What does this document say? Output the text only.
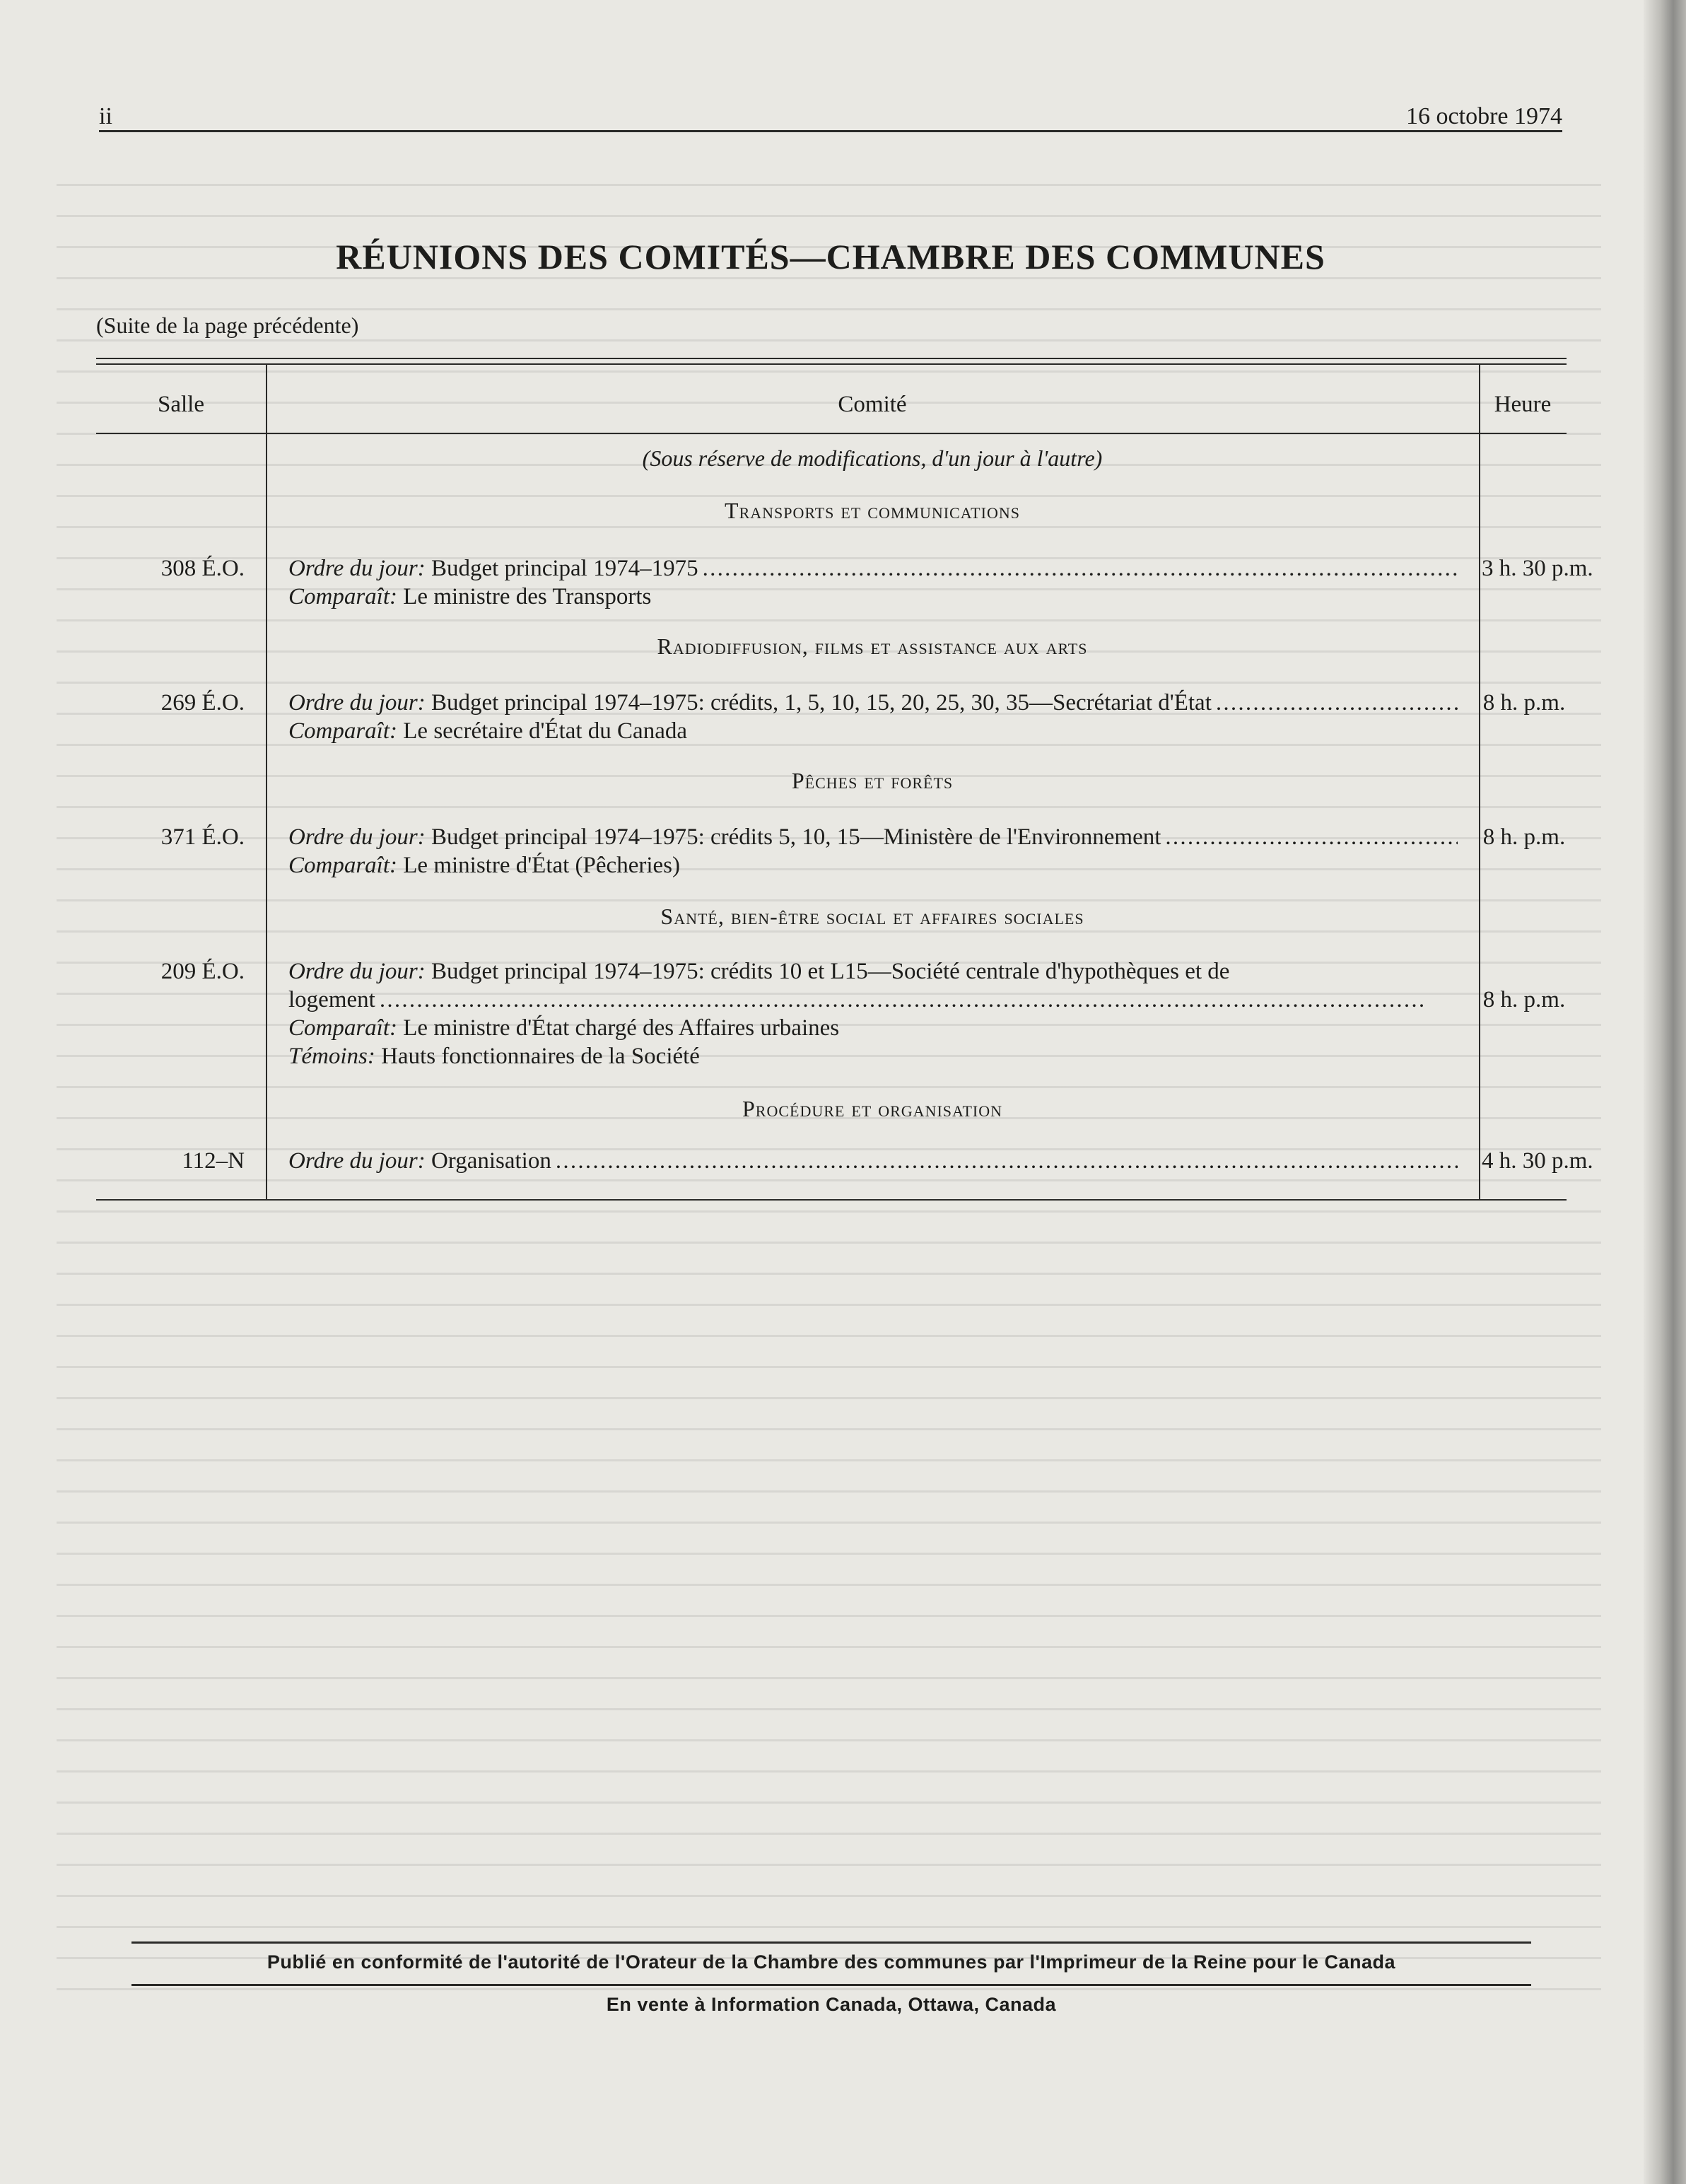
ii	16 octobre 1974
RÉUNIONS DES COMITÉS—CHAMBRE DES COMMUNES
(Suite de la page précédente)
Salle	Comité	Heure
(Sous réserve de modifications, d'un jour à l'autre)
Transports et communications
308 É.O. Ordre du jour: Budget principal 1974–1975 . . .	3 h. 30 p.m.
Comparaît: Le ministre des Transports
Radiodiffusion, films et assistance aux arts
269 É.O. Ordre du jour: Budget principal 1974–1975: crédits, 1, 5, 10, 15, 20, 25, 30, 35—Secrétariat d'État . . .	8 h. p.m.
Comparaît: Le secrétaire d'État du Canada
Pêches et forêts
371 É.O. Ordre du jour: Budget principal 1974–1975: crédits 5, 10, 15—Ministère de l'Environnement . . .	8 h. p.m.
Comparaît: Le ministre d'État (Pêcheries)
Santé, bien-être social et affaires sociales
209 É.O. Ordre du jour: Budget principal 1974–1975: crédits 10 et L15—Société centrale d'hypothèques et de
logement . . .	8 h. p.m.
Comparaît: Le ministre d'État chargé des Affaires urbaines
Témoins: Hauts fonctionnaires de la Société
Procédure et organisation
112–N Ordre du jour: Organisation . . .	4 h. 30 p.m.
Publié en conformité de l'autorité de l'Orateur de la Chambre des communes par l'Imprimeur de la Reine pour le Canada
En vente à Information Canada, Ottawa, Canada
